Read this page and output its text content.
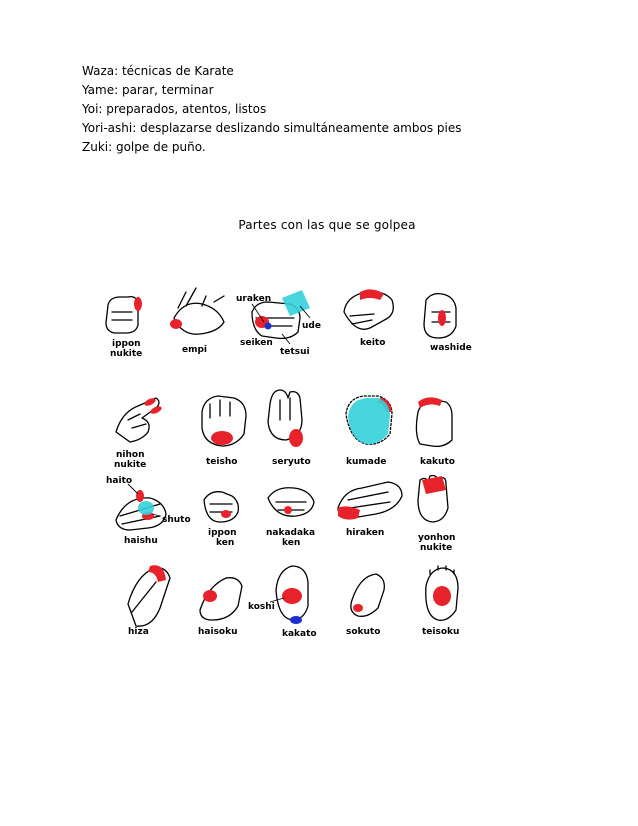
Waza: técnicas de Karate
Yame: parar, terminar
Yoi: preparados, atentos, listos
Yori-ashi: desplazarse deslizando simultáneamente ambos pies
Zuki: golpe de puño.
Partes con las que se golpea
ippon
nukite	empi
uraken
ude
seiken
tetsui
keito	washide
nihon
nukite	teisho	seryuto	kumade	kakuto
haito
shuto
haishu
ippon
ken
nakadaka
ken
hiraken	yonhon
nukite
hiza	haisoku
koshi
kakato	sokuto	teisoku
